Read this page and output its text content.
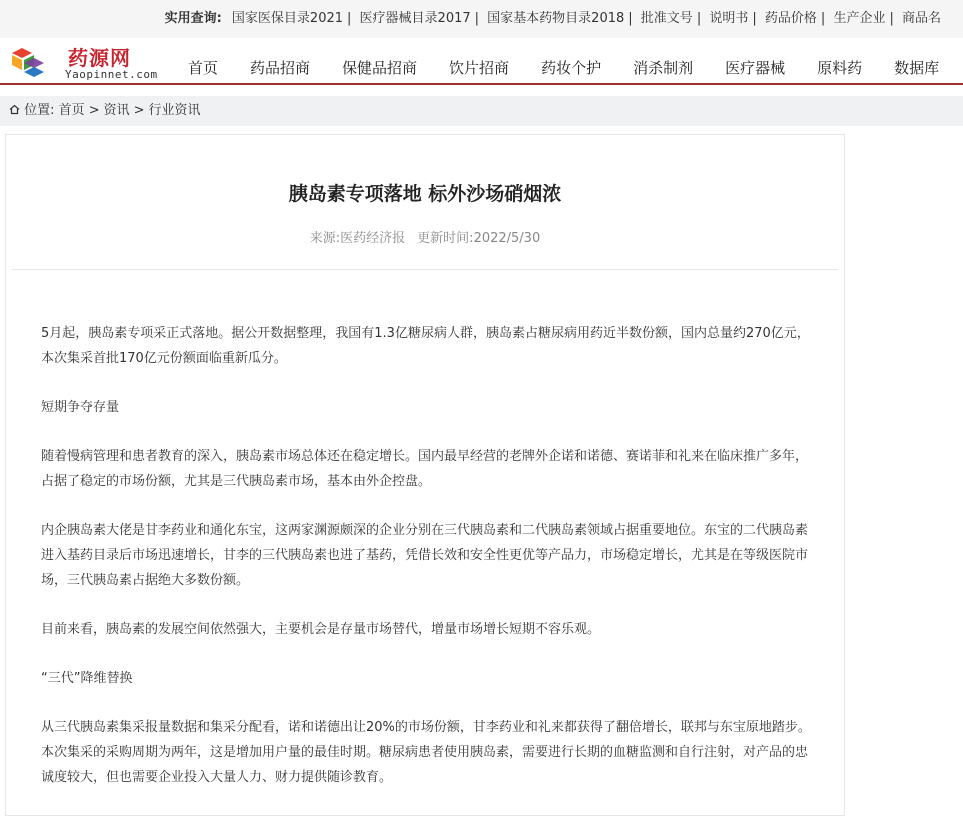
实用查询: 国家医保目录2021 | 医疗器械目录2017 | 国家基本药物目录2018 | 批准文号 | 说明书 | 药品价格 | 生产企业 | 商品名
药源网
Yaopinnet.com	首页 药品招商 保健品招商 饮片招商 药妆个护 消杀制剂 医疗器械 原料药 数据库
位置: 首页 > 资讯 > 行业资讯
胰岛素专项落地 标外沙场硝烟浓
来源:医药经济报 更新时间:2022/5/30

5月起，胰岛素专项采正式落地。据公开数据整理，我国有1.3亿糖尿病人群，胰岛素占糖尿病用药近半数份额，国内总量约270亿元，本次集采首批170亿元份额面临重新瓜分。

短期争夺存量

随着慢病管理和患者教育的深入，胰岛素市场总体还在稳定增长。国内最早经营的老牌外企诺和诺德、赛诺菲和礼来在临床推广多年，占据了稳定的市场份额，尤其是三代胰岛素市场，基本由外企控盘。

内企胰岛素大佬是甘李药业和通化东宝，这两家渊源颇深的企业分别在三代胰岛素和二代胰岛素领域占据重要地位。东宝的二代胰岛素进入基药目录后市场迅速增长，甘李的三代胰岛素也进了基药，凭借长效和安全性更优等产品力，市场稳定增长，尤其是在等级医院市场，三代胰岛素占据绝大多数份额。

目前来看，胰岛素的发展空间依然强大，主要机会是存量市场替代，增量市场增长短期不容乐观。

“三代”降维替换

从三代胰岛素集采报量数据和集采分配看，诺和诺德出让20%的市场份额，甘李药业和礼来都获得了翻倍增长，联邦与东宝原地踏步。本次集采的采购周期为两年，这是增加用户量的最佳时期。糖尿病患者使用胰岛素，需要进行长期的血糖监测和自行注射，对产品的忠诚度较大，但也需要企业投入大量人力、财力提供随诊教育。
